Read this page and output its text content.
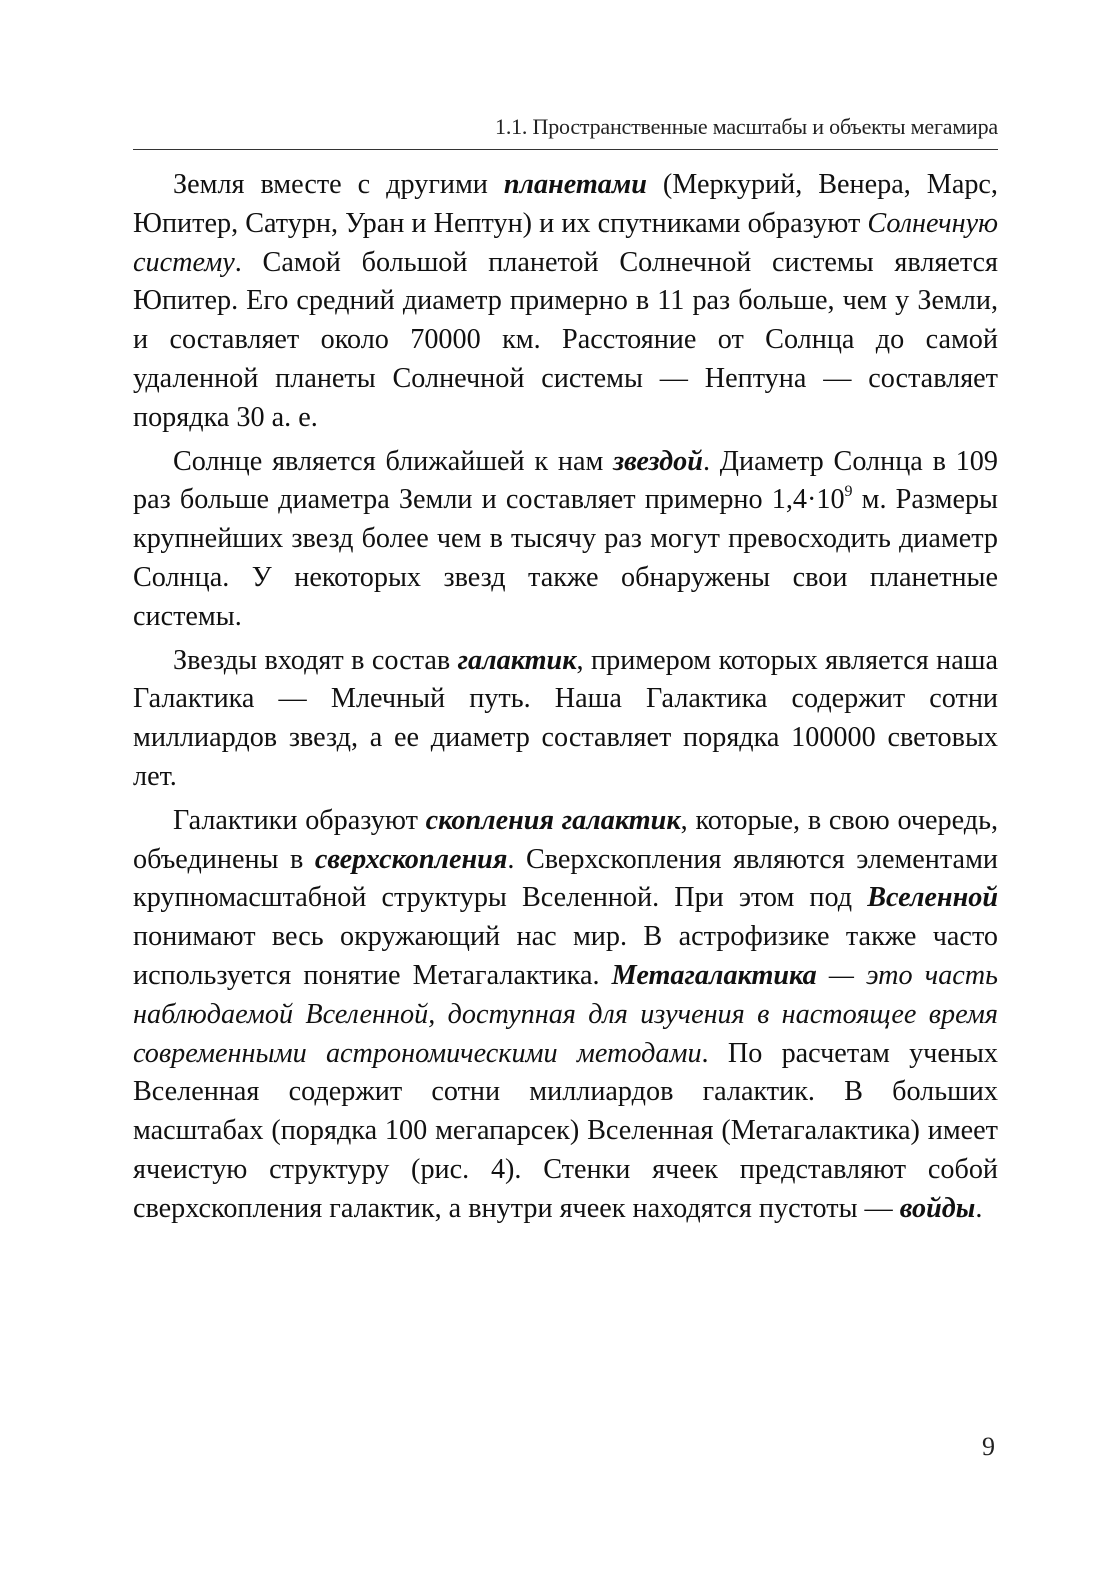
1.1. Пространственные масштабы и объекты мегамира

Земля вместе с другими планетами (Меркурий, Венера, Марс, Юпитер, Сатурн, Уран и Нептун) и их спутниками образуют Солнечную систему. Самой большой планетой Солнечной системы является Юпитер. Его средний диаметр примерно в 11 раз больше, чем у Земли, и составляет около 70000 км. Расстояние от Солнца до самой удаленной планеты Солнечной системы — Нептуна — составляет порядка 30 а. е.

Солнце является ближайшей к нам звездой. Диаметр Солнца в 109 раз больше диаметра Земли и составляет примерно $1,4\cdot 10^9$ м. Размеры крупнейших звезд более чем в тысячу раз могут превосходить диаметр Солнца. У некоторых звезд также обнаружены свои планетные системы.

Звезды входят в состав галактик, примером которых является наша Галактика — Млечный путь. Наша Галактика содержит сотни миллиардов звезд, а ее диаметр составляет порядка 100000 световых лет.

Галактики образуют скопления галактик, которые, в свою очередь, объединены в сверхскопления. Сверхскопления являются элементами крупномасштабной структуры Вселенной. При этом под Вселенной понимают весь окружающий нас мир. В астрофизике также часто используется понятие Метагалактика. Метагалактика — это часть наблюдаемой Вселенной, доступная для изучения в настоящее время современными астрономическими методами. По расчетам ученых Вселенная содержит сотни миллиардов галактик. В больших масштабах (порядка 100 мегапарсек) Вселенная (Метагалактика) имеет ячеистую структуру (рис. 4). Стенки ячеек представляют собой сверхскопления галактик, а внутри ячеек находятся пустоты — войды.

9
